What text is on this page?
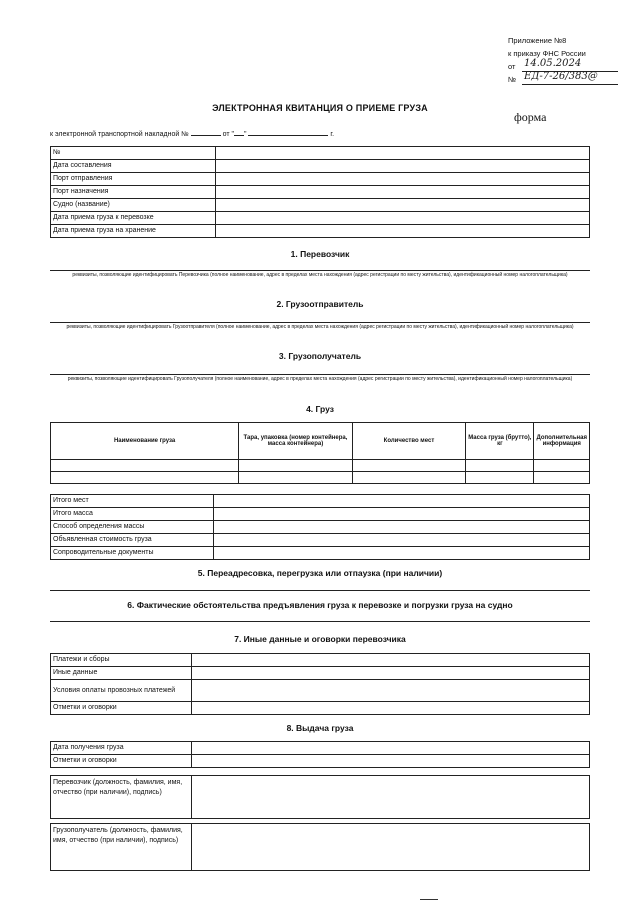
Приложение №8
к приказу ФНС России
от 14.05.2024
№ ЕД-7-26/383@
ЭЛЕКТРОННАЯ КВИТАНЦИЯ О ПРИЕМЕ ГРУЗА
форма
к электронной транспортной накладной №	от " "	г.
№	
Дата составления	
Порт отправления	
Порт назначения	
Судно (название)	
Дата приема груза к перевозке	
Дата приема груза на хранение	
1. Перевозчик
реквизиты, позволяющие идентифицировать Перевозчика (полное наименование, адрес в пределах места нахождения (адрес регистрации по месту жительства), идентификационный номер налогоплательщика)
2. Грузоотправитель
реквизиты, позволяющие идентифицировать Грузоотправителя (полное наименование, адрес в пределах места нахождения (адрес регистрации по месту жительства), идентификационный номер налогоплательщика)
3. Грузополучатель
реквизиты, позволяющие идентифицировать Грузополучателя (полное наименование, адрес в пределах места нахождения (адрес регистрации по месту жительства), идентификационный номер налогоплательщика)
4. Груз
Наименование груза	Тара, упаковка (номер контейнера, масса контейнера)	Количество мест	Масса груза (брутто), кг	Дополнительная информация

Итого мест	
Итого масса	
Способ определения массы	
Объявленная стоимость груза	
Сопроводительные документы	
5. Переадресовка, перегрузка или отпаузка (при наличии)
6. Фактические обстоятельства предъявления груза к перевозке и погрузки груза на судно
7. Иные данные и оговорки перевозчика
Платежи и сборы	
Иные данные	
Условия оплаты провозных платежей	
Отметки и оговорки	
8. Выдача груза
Дата получения груза	
Отметки и оговорки	
Перевозчик (должность, фамилия, имя, отчество (при наличии), подпись)	
Грузополучатель (должность, фамилия, имя, отчество (при наличии), подпись)	
